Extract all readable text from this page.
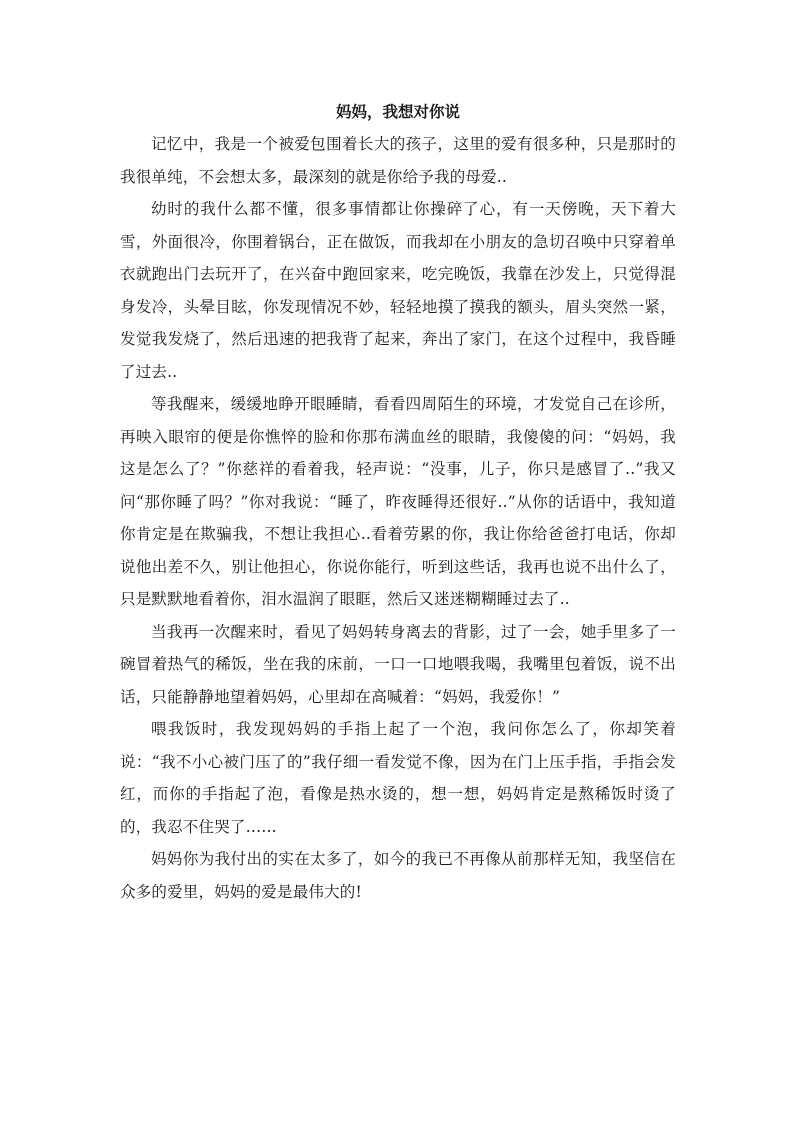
妈妈，我想对你说

记忆中，我是一个被爱包围着长大的孩子，这里的爱有很多种，只是那时的我很单纯，不会想太多，最深刻的就是你给予我的母爱..

幼时的我什么都不懂，很多事情都让你操碎了心，有一天傍晚，天下着大雪，外面很冷，你围着锅台，正在做饭，而我却在小朋友的急切召唤中只穿着单衣就跑出门去玩开了，在兴奋中跑回家来，吃完晚饭，我靠在沙发上，只觉得混身发冷，头晕目眩，你发现情况不妙，轻轻地摸了摸我的额头，眉头突然一紧，发觉我发烧了，然后迅速的把我背了起来，奔出了家门，在这个过程中，我昏睡了过去..

等我醒来，缓缓地睁开眼睡睛，看看四周陌生的环境，才发觉自己在诊所，再映入眼帘的便是你憔悴的脸和你那布满血丝的眼睛，我傻傻的问：“妈妈，我这是怎么了？”你慈祥的看着我，轻声说：“没事，儿子，你只是感冒了..”我又问“那你睡了吗？”你对我说：“睡了，昨夜睡得还很好..”从你的话语中，我知道你肯定是在欺骗我，不想让我担心..看着劳累的你，我让你给爸爸打电话，你却说他出差不久，别让他担心，你说你能行，听到这些话，我再也说不出什么了，只是默默地看着你，泪水温润了眼眶，然后又迷迷糊糊睡过去了..

当我再一次醒来时，看见了妈妈转身离去的背影，过了一会，她手里多了一碗冒着热气的稀饭，坐在我的床前，一口一口地喂我喝，我嘴里包着饭，说不出话，只能静静地望着妈妈，心里却在高喊着：“妈妈，我爱你！”

喂我饭时，我发现妈妈的手指上起了一个泡，我问你怎么了，你却笑着说：“我不小心被门压了的”我仔细一看发觉不像，因为在门上压手指，手指会发红，而你的手指起了泡，看像是热水烫的，想一想，妈妈肯定是熬稀饭时烫了的，我忍不住哭了……

妈妈你为我付出的实在太多了，如今的我已不再像从前那样无知，我坚信在众多的爱里，妈妈的爱是最伟大的!
